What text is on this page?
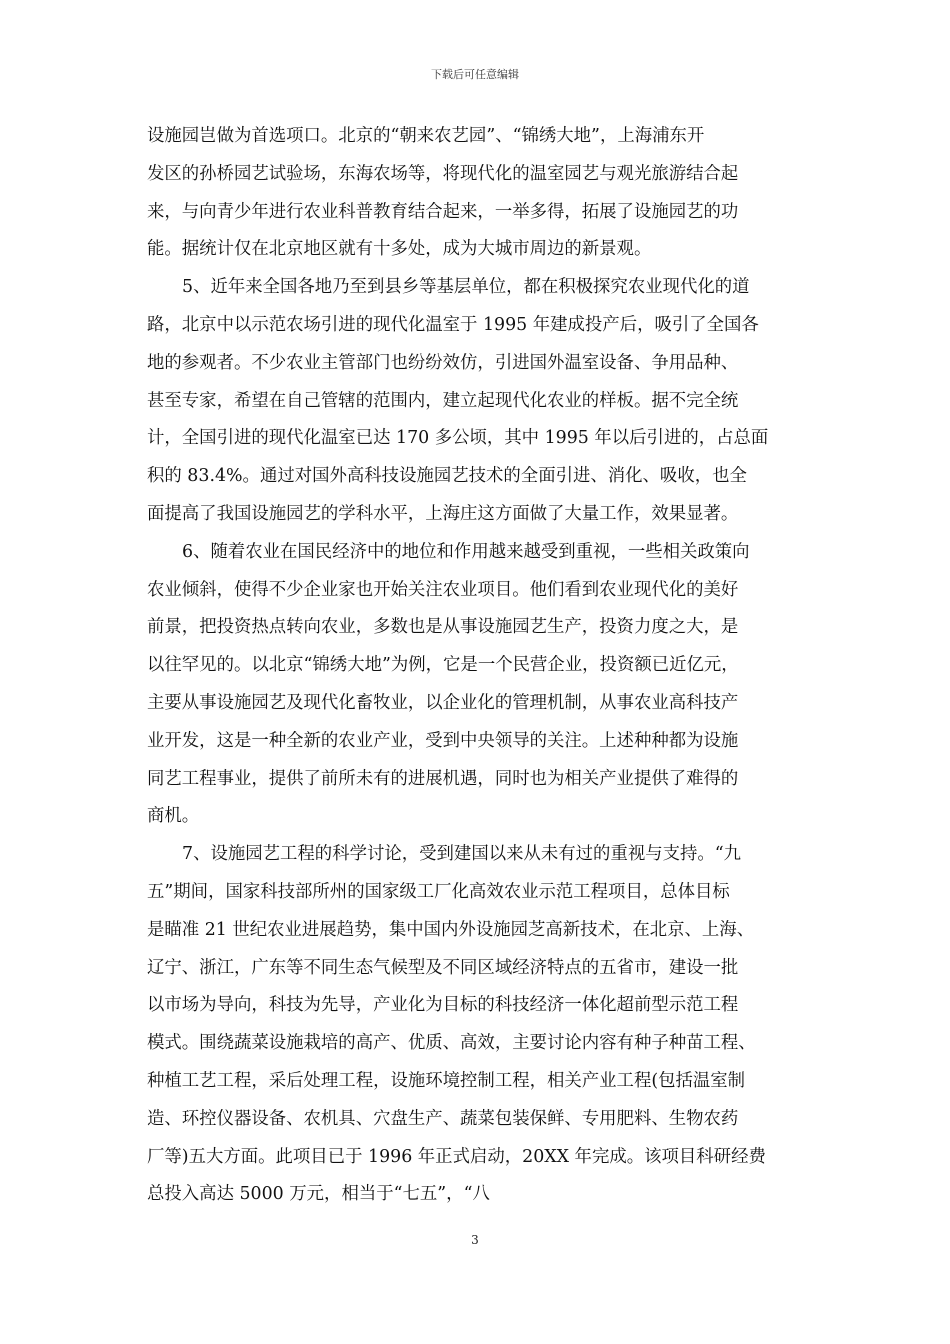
下载后可任意编辑
设施园岂做为首选项口。北京的“朝来农艺园”、“锦绣大地”，上海浦东开
发区的孙桥园艺试验场，东海农场等，将现代化的温室园艺与观光旅游结合起
来，与向青少年进行农业科普教育结合起来，一举多得，拓展了设施园艺的功
能。据统计仅在北京地区就有十多处，成为大城市周边的新景观。
5、近年来全国各地乃至到县乡等基层单位，都在积极探究农业现代化的道
路，北京中以示范农场引进的现代化温室于 1995 年建成投产后，吸引了全国各
地的参观者。不少农业主管部门也纷纷效仿，引进国外温室设备、争用品种、
甚至专家，希望在自己管辖的范围内，建立起现代化农业的样板。据不完全统
计，全国引进的现代化温室已达 170 多公顷，其中 1995 年以后引进的，占总面
积的 83.4%。通过对国外高科技设施园艺技术的全面引进、消化、吸收，也全
面提高了我国设施园艺的学科水平，上海庄这方面做了大量工作，效果显著。
6、随着农业在国民经济中的地位和作用越来越受到重视，一些相关政策向
农业倾斜，使得不少企业家也开始关注农业项目。他们看到农业现代化的美好
前景，把投资热点转向农业，多数也是从事设施园艺生产，投资力度之大，是
以往罕见的。以北京“锦绣大地”为例，它是一个民营企业，投资额已近亿元，
主要从事设施园艺及现代化畜牧业，以企业化的管理机制，从事农业高科技产
业开发，这是一种全新的农业产业，受到中央领导的关注。上述种种都为设施
同艺工程事业，提供了前所未有的进展机遇，同时也为相关产业提供了难得的
商机。
7、设施园艺工程的科学讨论，受到建国以来从未有过的重视与支持。“九
五”期间，国家科技部所州的国家级工厂化高效农业示范工程项目，总体目标
是瞄准 21 世纪农业进展趋势，集中国内外设施园芝高新技术，在北京、上海、
辽宁、浙江，广东等不同生态气候型及不同区域经济特点的五省市，建设一批
以市场为导向，科技为先导，产业化为目标的科技经济一体化超前型示范工程
模式。围绕蔬菜设施栽培的高产、优质、高效，主要讨论内容有种子种苗工程、
种植工艺工程，采后处理工程，设施环境控制工程，相关产业工程(包括温室制
造、环控仪器设备、农机具、穴盘生产、蔬菜包装保鲜、专用肥料、生物农药
厂等)五大方面。此项目已于 1996 年正式启动，20XX 年完成。该项目科研经费
总投入高达 5000 万元，相当于“七五”，“八
3
